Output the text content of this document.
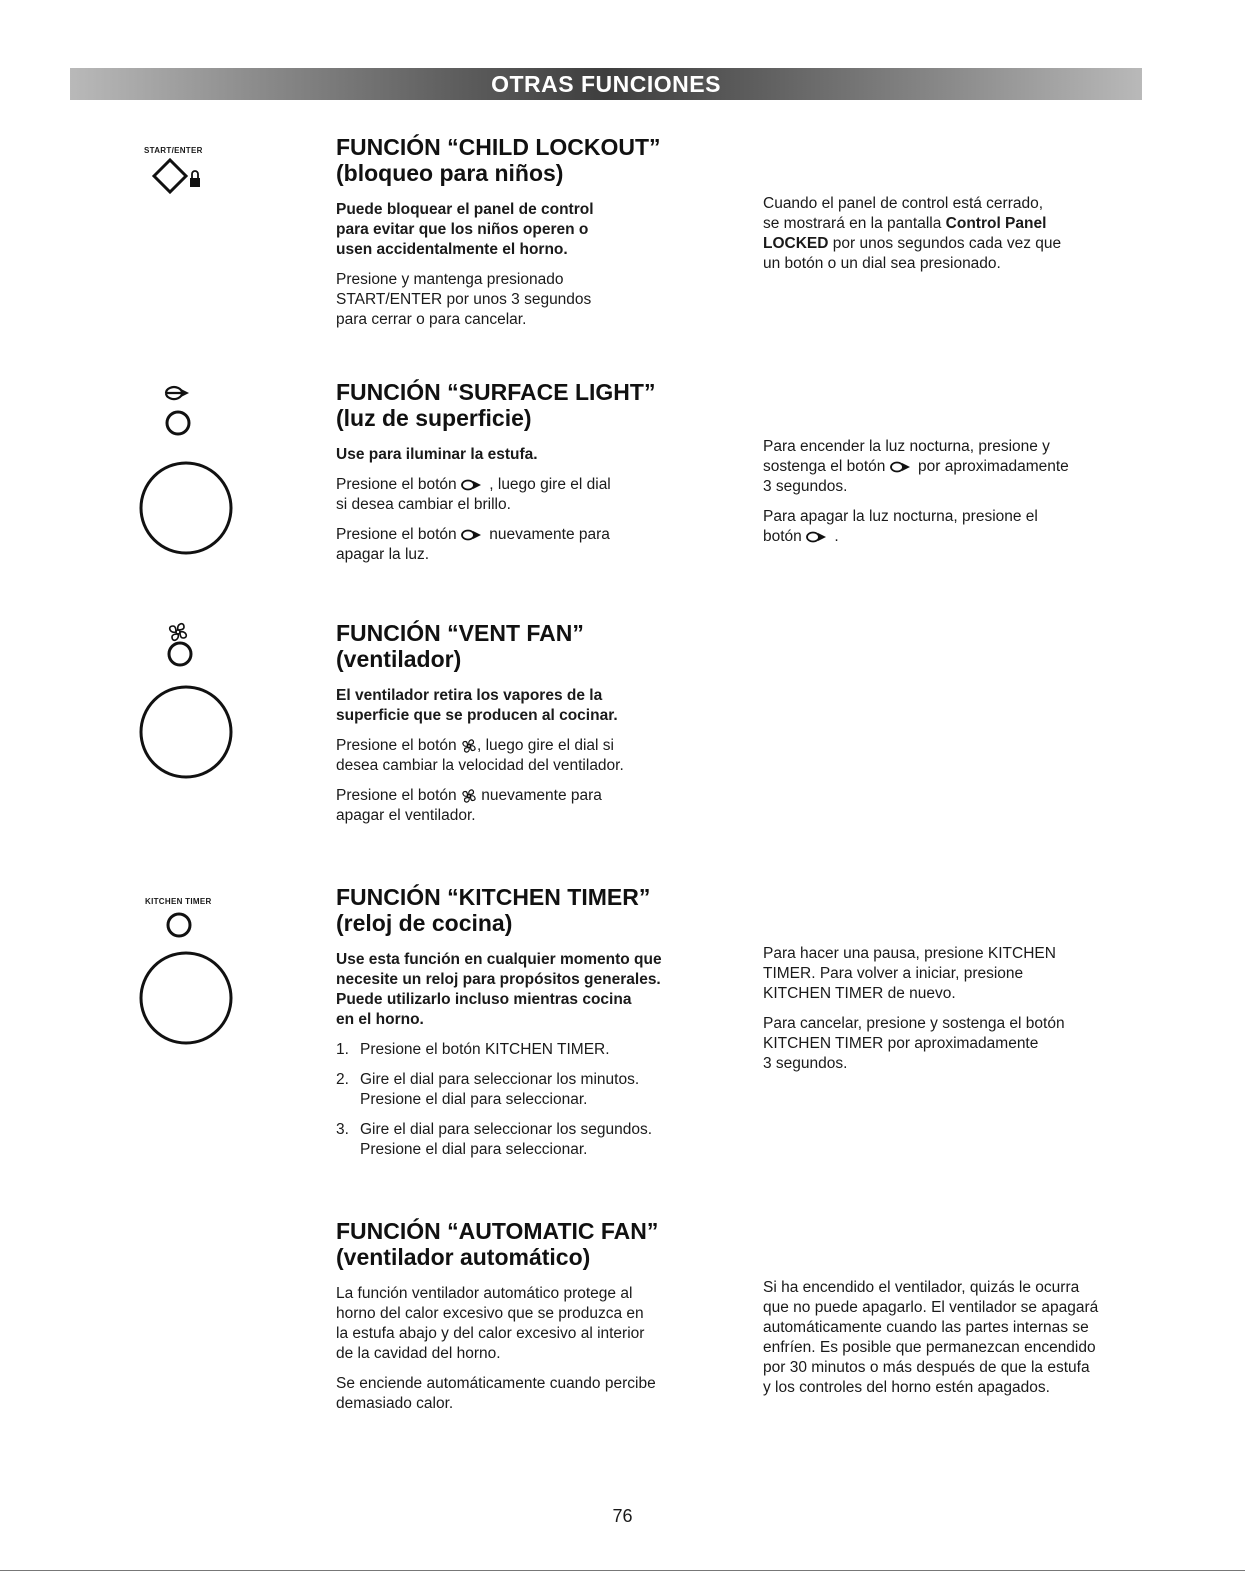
OTRAS FUNCIONES
START/ENTER	FUNCIÓN “CHILD LOCKOUT”

(bloqueo para niños)

Puede bloquear el panel de control
para evitar que los niños operen o
usen accidentalmente el horno.

Presione y mantenga presionado
START/ENTER por unos 3 segundos
para cerrar o para cancelar.

Cuando el panel de control está cerrado,
se mostrará en la pantalla Control Panel
LOCKED por unos segundos cada vez que
un botón o un dial sea presionado.

FUNCIÓN “SURFACE LIGHT”

(luz de superficie)

Use para iluminar la estufa.

Presione el botón  , luego gire el dial
si desea cambiar el brillo.

Presione el botón  nuevamente para
apagar la luz.

Para encender la luz nocturna, presione y
sostenga el botón  por aproximadamente
3 segundos.

Para apagar la luz nocturna, presione el
botón  .

FUNCIÓN “VENT FAN”

(ventilador)

El ventilador retira los vapores de la
superficie que se producen al cocinar.

Presione el botón , luego gire el dial si
desea cambiar la velocidad del ventilador.

Presione el botón  nuevamente para
apagar el ventilador.

KITCHEN TIMER	FUNCIÓN “KITCHEN TIMER”

(reloj de cocina)

Use esta función en cualquier momento que
necesite un reloj para propósitos generales.
Puede utilizarlo incluso mientras cocina
en el horno.

1. Presione el botón KITCHEN TIMER.
2. Gire el dial para seleccionar los minutos.
Presione el dial para seleccionar.
3. Gire el dial para seleccionar los segundos.
Presione el dial para seleccionar.

Para hacer una pausa, presione KITCHEN
TIMER. Para volver a iniciar, presione
KITCHEN TIMER de nuevo.

Para cancelar, presione y sostenga el botón
KITCHEN TIMER por aproximadamente
3 segundos.

FUNCIÓN “AUTOMATIC FAN”

(ventilador automático)

La función ventilador automático protege al
horno del calor excesivo que se produzca en
la estufa abajo y del calor excesivo al interior
de la cavidad del horno.

Se enciende automáticamente cuando percibe
demasiado calor.

Si ha encendido el ventilador, quizás le ocurra
que no puede apagarlo. El ventilador se apagará
automáticamente cuando las partes internas se
enfríen. Es posible que permanezcan encendido
por 30 minutos o más después de que la estufa
y los controles del horno estén apagados.

76
